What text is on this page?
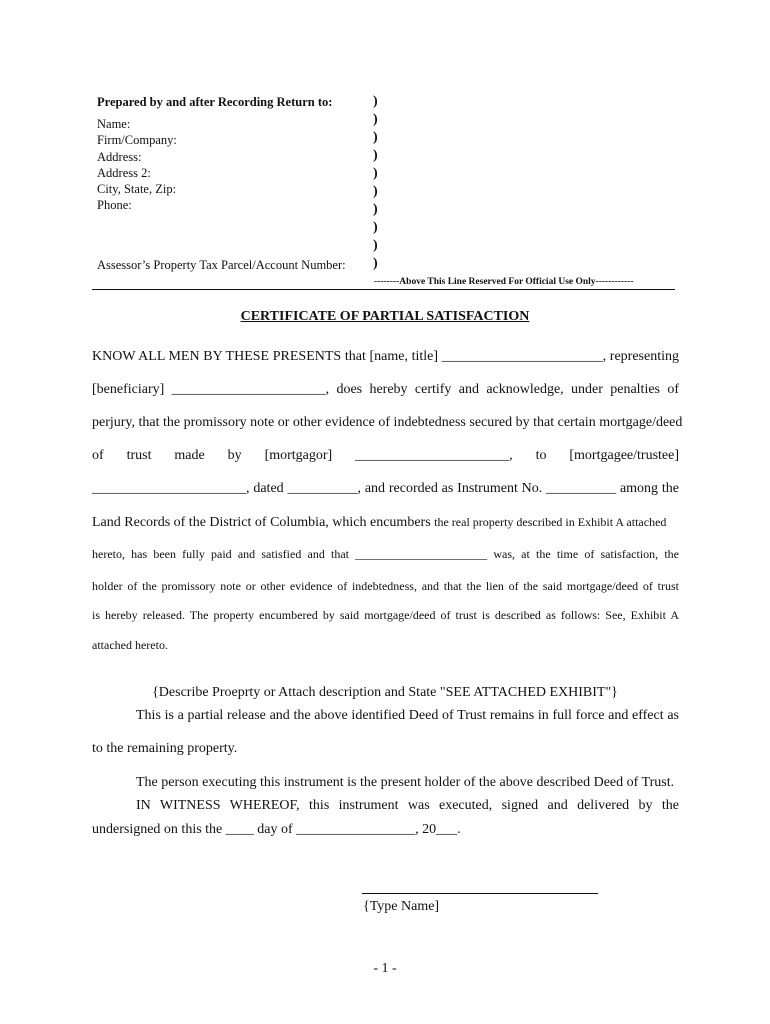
Prepared by and after Recording Return to:
Name:
Firm/Company:
Address:
Address 2:
City, State, Zip:
Phone:
Assessor’s Property Tax Parcel/Account Number:
)
)
)
)
)
)
)
)
)
)
--------Above This Line Reserved For Official Use Only------------
CERTIFICATE OF PARTIAL SATISFACTION
KNOW ALL MEN BY THESE PRESENTS that [name, title] _______________________, representing
[beneficiary] ______________________, does hereby certify and acknowledge, under penalties of
perjury, that the promissory note or other evidence of indebtedness secured by that certain mortgage/deed
of trust made by [mortgagor] ______________________, to [mortgagee/trustee]
______________________, dated __________, and recorded as Instrument No. __________ among the
Land Records of the District of Columbia, which encumbers the real property described in Exhibit A attached
hereto, has been fully paid and satisfied and that ______________________ was, at the time of satisfaction, the
holder of the promissory note or other evidence of indebtedness, and that the lien of the said mortgage/deed of trust
is hereby released. The property encumbered by said mortgage/deed of trust is described as follows: See, Exhibit A
attached hereto.
{Describe Proeprty or Attach description and State "SEE ATTACHED EXHIBIT"}
This is a partial release and the above identified Deed of Trust remains in full force and effect as
to the remaining property.
The person executing this instrument is the present holder of the above described Deed of Trust.
IN WITNESS WHEREOF, this instrument was executed, signed and delivered by the
undersigned on this the ____ day of _________________, 20___.
{Type Name]
- 1 -
